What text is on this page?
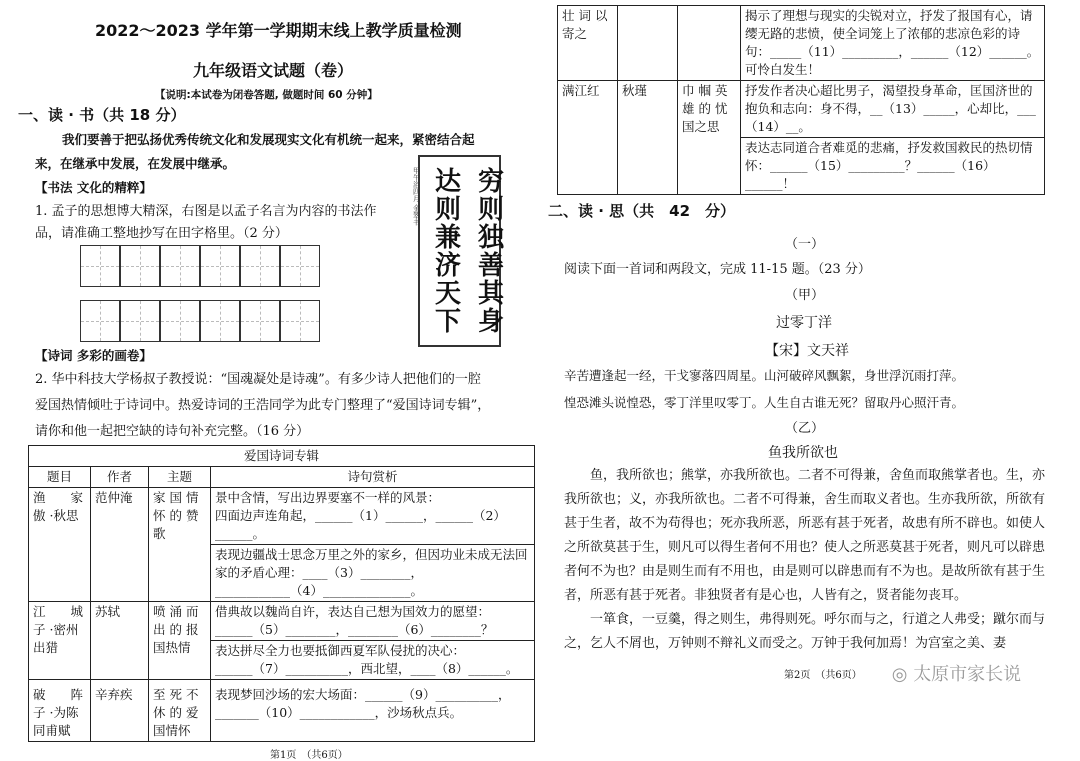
2022～2023 学年第一学期期末线上教学质量检测
九年级语文试题（卷）
【说明:本试卷为闭卷答题, 做题时间 60 分钟】
一、读 · 书（共 18 分）
我们要善于把弘扬优秀传统文化和发展现实文化有机统一起来，紧密结合起
来，在继承中发展，在发展中继承。
【书法 文化的精粹】
1. 孟子的思想博大精深，右图是以孟子名言为内容的书法作
品，请准确工整地抄写在田字格里。（2 分）	穷则独善其身
达则兼济天下
甲午浴四月 金翠书
【诗词 多彩的画卷】
2. 华中科技大学杨叔子教授说：“国魂凝处是诗魂”。有多少诗人把他们的一腔
爱国热情倾吐于诗词中。热爱诗词的王浩同学为此专门整理了“爱国诗词专辑”，
请你和他一起把空缺的诗句补充完整。（16 分）
爱国诗词专辑			
题目	作者	主题	诗句赏析
渔　　家傲 ·秋思	范仲淹	家 国 情怀 的 赞歌	景中含情，写出边界要塞不一样的风景：
四面边声连角起，______（1）______，______（2）______。

			表现边疆战士思念万里之外的家乡，但因功业未成无法回家的矛盾心理：____（3）________，
____________（4）______________。

江　　城子 ·密州出猎	苏轼	喷 涌 而出 的 报国热情	借典故以魏尚自许，表达自己想为国效力的愿望：
______（5）________，________（6）________？

			表达拼尽全力也要抵御西夏军队侵扰的决心：
______（7）__________，西北望，____（8）______。

破　　阵子 ·为陈同甫赋	辛弃疾	至 死 不休 的 爱国情怀	表现梦回沙场的宏大场面：______（9）__________，
_______（10）____________，沙场秋点兵。
第1页　（共6页）
壮 词 以寄之			揭示了理想与现实的尖锐对立，抒发了报国有心，请缨无路的悲愤，使全词笼上了浓郁的悲凉色彩的诗句：_____（11）_________，______（12）______。可怜白发生！
满江红	秋瑾	巾 帼 英雄 的 忧国之思	抒发作者决心超比男子，渴望投身革命，匡国济世的抱负和志向：身不得，__（13）_____，心却比，___（14）__。
			表达志同道合者难觅的悲痛，抒发救国救民的热切情怀：______（15）_________？______（16）______！
二、读 · 思（共　42　分）
（一）
阅读下面一首词和两段文，完成 11-15 题。（23 分）
（甲）
过零丁洋
【宋】文天祥
辛苦遭逢起一经，干戈寥落四周星。山河破碎风飘絮，身世浮沉雨打萍。
惶恐滩头说惶恐，零丁洋里叹零丁。人生自古谁无死？留取丹心照汗青。
（乙）
鱼我所欲也
鱼，我所欲也；熊掌，亦我所欲也。二者不可得兼，舍鱼而取熊掌者也。生，亦我所欲也；义，亦我所欲也。二者不可得兼，舍生而取义者也。生亦我所欲，所欲有甚于生者，故不为苟得也；死亦我所恶，所恶有甚于死者，故患有所不辟也。如使人之所欲莫甚于生，则凡可以得生者何不用也？使人之所恶莫甚于死者，则凡可以辟患者何不为也？由是则生而有不用也，由是则可以辟患而有不为也。是故所欲有甚于生者，所恶有甚于死者。非独贤者有是心也，人皆有之，贤者能勿丧耳。
一箪食，一豆羹，得之则生，弗得则死。呼尔而与之，行道之人弗受；蹴尔而与之，乞人不屑也，万钟则不辩礼义而受之。万钟于我何加焉！为宫室之美、妻
第2页　（共6页） ◎ 太原市家长说
